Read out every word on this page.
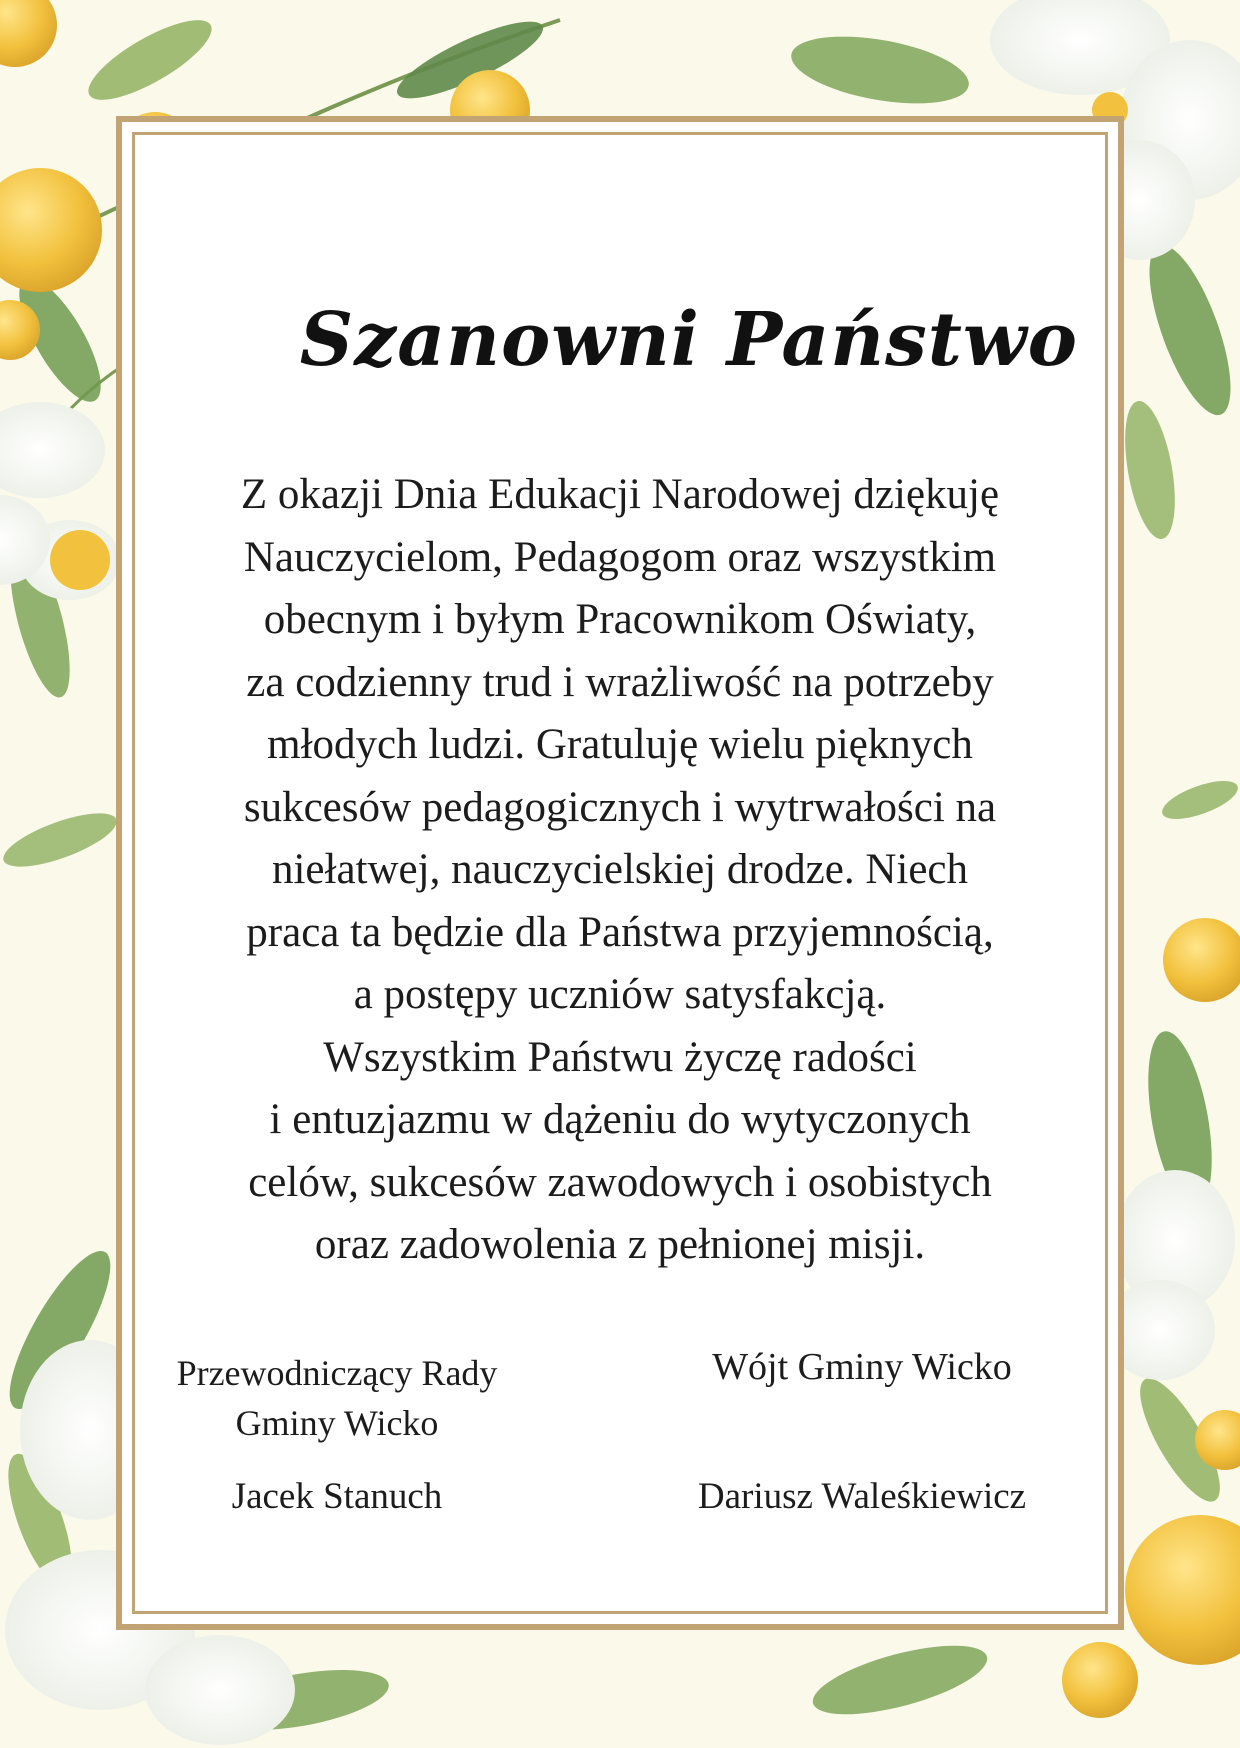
Szanowni Państwo

Z okazji Dnia Edukacji Narodowej dziękuję
Nauczycielom, Pedagogom oraz wszystkim
obecnym i byłym Pracownikom Oświaty,
za codzienny trud i wrażliwość na potrzeby
młodych ludzi. Gratuluję wielu pięknych
sukcesów pedagogicznych i wytrwałości na
niełatwej, nauczycielskiej drodze. Niech
praca ta będzie dla Państwa przyjemnością,
a postępy uczniów satysfakcją.
Wszystkim Państwu życzę radości
i entuzjazmu w dążeniu do wytyczonych
celów, sukcesów zawodowych i osobistych
oraz zadowolenia z pełnionej misji.

Przewodniczący Rady
Gminy Wicko
Wójt Gminy Wicko
Jacek Stanuch	Dariusz Waleśkiewicz
